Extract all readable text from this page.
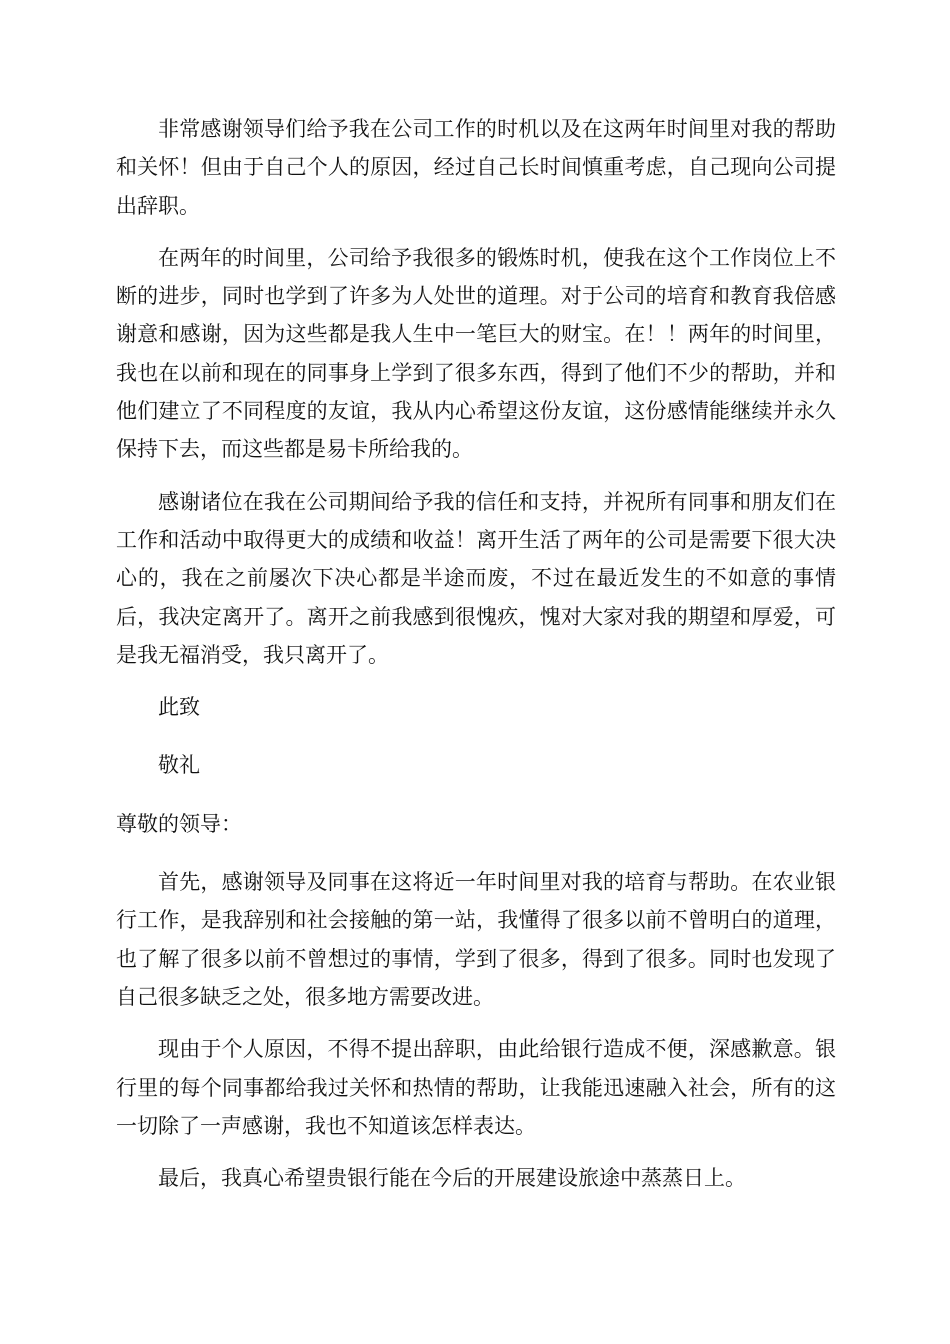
非常感谢领导们给予我在公司工作的时机以及在这两年时间里对我的帮助和关怀！但由于自己个人的原因，经过自己长时间慎重考虑，自己现向公司提出辞职。

在两年的时间里，公司给予我很多的锻炼时机，使我在这个工作岗位上不断的进步，同时也学到了许多为人处世的道理。对于公司的培育和教育我倍感谢意和感谢，因为这些都是我人生中一笔巨大的财宝。在！！两年的时间里，我也在以前和现在的同事身上学到了很多东西，得到了他们不少的帮助，并和他们建立了不同程度的友谊，我从内心希望这份友谊，这份感情能继续并永久保持下去，而这些都是易卡所给我的。

感谢诸位在我在公司期间给予我的信任和支持，并祝所有同事和朋友们在工作和活动中取得更大的成绩和收益！离开生活了两年的公司是需要下很大决心的，我在之前屡次下决心都是半途而废，不过在最近发生的不如意的事情后，我决定离开了。离开之前我感到很愧疚，愧对大家对我的期望和厚爱，可是我无福消受，我只离开了。

此致

敬礼

尊敬的领导：

首先，感谢领导及同事在这将近一年时间里对我的培育与帮助。在农业银行工作，是我辞别和社会接触的第一站，我懂得了很多以前不曾明白的道理，也了解了很多以前不曾想过的事情，学到了很多，得到了很多。同时也发现了自己很多缺乏之处，很多地方需要改进。

现由于个人原因，不得不提出辞职，由此给银行造成不便，深感歉意。银行里的每个同事都给我过关怀和热情的帮助，让我能迅速融入社会，所有的这一切除了一声感谢，我也不知道该怎样表达。

最后，我真心希望贵银行能在今后的开展建设旅途中蒸蒸日上。
